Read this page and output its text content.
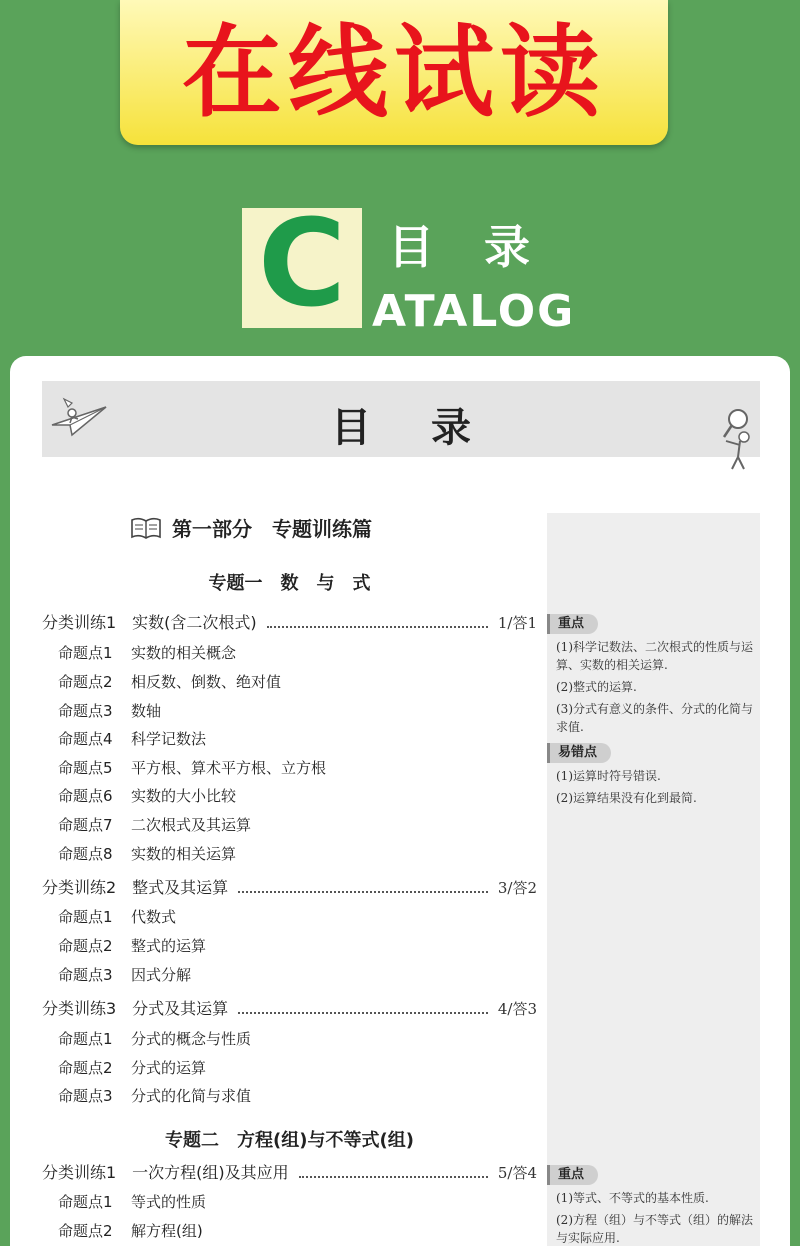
在线试读
C 目录
ATALOG
目录
第一部分　专题训练篇
专题一　数　与　式
分类训练1　实数(含二次根式)	1/答1
命题点1 实数的相关概念
命题点2 相反数、倒数、绝对值
命题点3 数轴
命题点4 科学记数法
命题点5 平方根、算术平方根、立方根
命题点6 实数的大小比较
命题点7 二次根式及其运算
命题点8 实数的相关运算
分类训练2　整式及其运算	3/答2
命题点1 代数式
命题点2 整式的运算
命题点3 因式分解
分类训练3　分式及其运算	4/答3
命题点1 分式的概念与性质
命题点2 分式的运算
命题点3 分式的化简与求值
专题二　方程(组)与不等式(组)
分类训练1　一次方程(组)及其应用	5/答4
命题点1 等式的性质
命题点2 解方程(组)
重点
(1)科学记数法、二次根式的性质与运算、实数的相关运算.
(2)整式的运算.
(3)分式有意义的条件、分式的化简与求值.
易错点
(1)运算时符号错误.
(2)运算结果没有化到最简.
重点
(1)等式、不等式的基本性质.
(2)方程（组）与不等式（组）的解法与实际应用.
